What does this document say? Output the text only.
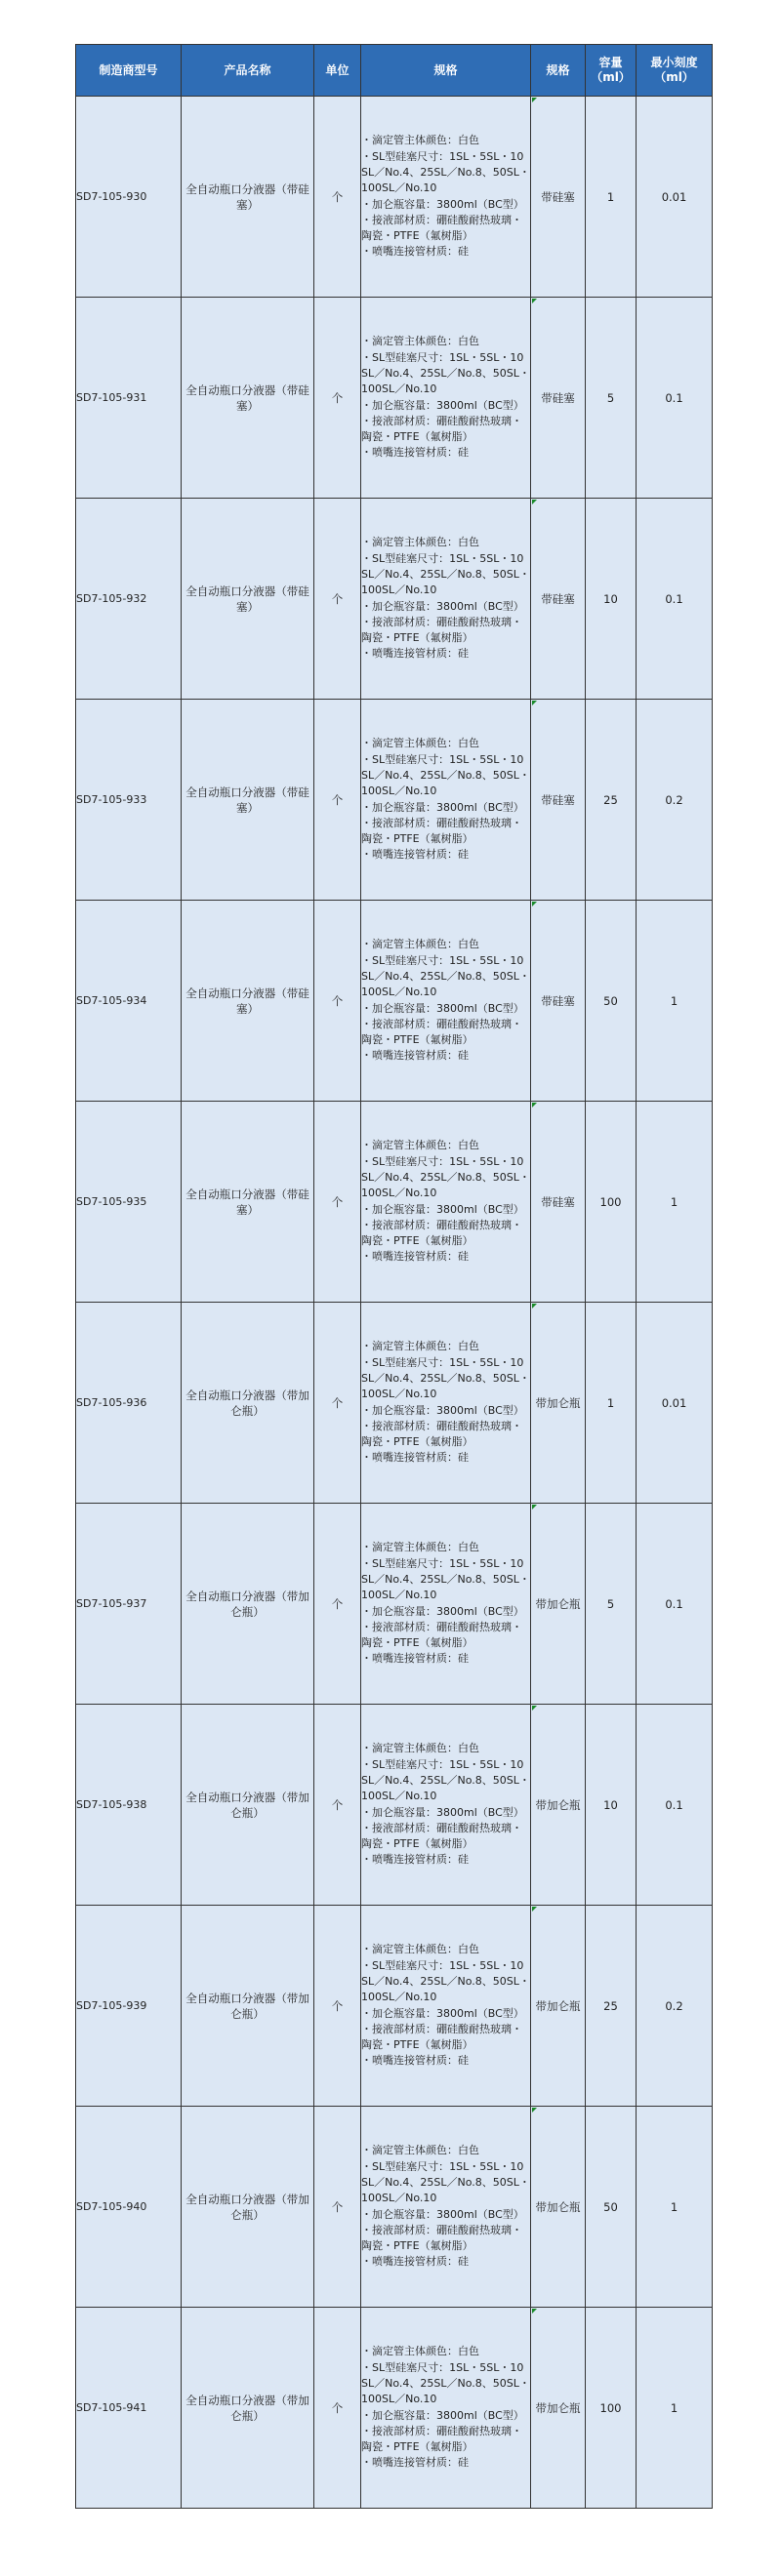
制造商型号	产品名称	单位	规格	规格	容量
（ml）	最小刻度
（ml）
SD7-105-930	全自动瓶口分液器（带硅塞）	个	・滴定管主体颜色：白色
・SL型硅塞尺寸：1SL・5SL・10SL／No.4、25SL／No.8、50SL・100SL／No.10
・加仑瓶容量：3800ml（BC型）
・接液部材质：硼硅酸耐热玻璃・陶瓷・PTFE（氟树脂）
・喷嘴连接管材质：硅	带硅塞	1	0.01
SD7-105-931	全自动瓶口分液器（带硅塞）	个	・滴定管主体颜色：白色
・SL型硅塞尺寸：1SL・5SL・10SL／No.4、25SL／No.8、50SL・100SL／No.10
・加仑瓶容量：3800ml（BC型）
・接液部材质：硼硅酸耐热玻璃・陶瓷・PTFE（氟树脂）
・喷嘴连接管材质：硅	带硅塞	5	0.1
SD7-105-932	全自动瓶口分液器（带硅塞）	个	・滴定管主体颜色：白色
・SL型硅塞尺寸：1SL・5SL・10SL／No.4、25SL／No.8、50SL・100SL／No.10
・加仑瓶容量：3800ml（BC型）
・接液部材质：硼硅酸耐热玻璃・陶瓷・PTFE（氟树脂）
・喷嘴连接管材质：硅	带硅塞	10	0.1
SD7-105-933	全自动瓶口分液器（带硅塞）	个	・滴定管主体颜色：白色
・SL型硅塞尺寸：1SL・5SL・10SL／No.4、25SL／No.8、50SL・100SL／No.10
・加仑瓶容量：3800ml（BC型）
・接液部材质：硼硅酸耐热玻璃・陶瓷・PTFE（氟树脂）
・喷嘴连接管材质：硅	带硅塞	25	0.2
SD7-105-934	全自动瓶口分液器（带硅塞）	个	・滴定管主体颜色：白色
・SL型硅塞尺寸：1SL・5SL・10SL／No.4、25SL／No.8、50SL・100SL／No.10
・加仑瓶容量：3800ml（BC型）
・接液部材质：硼硅酸耐热玻璃・陶瓷・PTFE（氟树脂）
・喷嘴连接管材质：硅	带硅塞	50	1
SD7-105-935	全自动瓶口分液器（带硅塞）	个	・滴定管主体颜色：白色
・SL型硅塞尺寸：1SL・5SL・10SL／No.4、25SL／No.8、50SL・100SL／No.10
・加仑瓶容量：3800ml（BC型）
・接液部材质：硼硅酸耐热玻璃・陶瓷・PTFE（氟树脂）
・喷嘴连接管材质：硅	带硅塞	100	1
SD7-105-936	全自动瓶口分液器（带加仑瓶）	个	・滴定管主体颜色：白色
・SL型硅塞尺寸：1SL・5SL・10SL／No.4、25SL／No.8、50SL・100SL／No.10
・加仑瓶容量：3800ml（BC型）
・接液部材质：硼硅酸耐热玻璃・陶瓷・PTFE（氟树脂）
・喷嘴连接管材质：硅	带加仑瓶	1	0.01
SD7-105-937	全自动瓶口分液器（带加仑瓶）	个	・滴定管主体颜色：白色
・SL型硅塞尺寸：1SL・5SL・10SL／No.4、25SL／No.8、50SL・100SL／No.10
・加仑瓶容量：3800ml（BC型）
・接液部材质：硼硅酸耐热玻璃・陶瓷・PTFE（氟树脂）
・喷嘴连接管材质：硅	带加仑瓶	5	0.1
SD7-105-938	全自动瓶口分液器（带加仑瓶）	个	・滴定管主体颜色：白色
・SL型硅塞尺寸：1SL・5SL・10SL／No.4、25SL／No.8、50SL・100SL／No.10
・加仑瓶容量：3800ml（BC型）
・接液部材质：硼硅酸耐热玻璃・陶瓷・PTFE（氟树脂）
・喷嘴连接管材质：硅	带加仑瓶	10	0.1
SD7-105-939	全自动瓶口分液器（带加仑瓶）	个	・滴定管主体颜色：白色
・SL型硅塞尺寸：1SL・5SL・10SL／No.4、25SL／No.8、50SL・100SL／No.10
・加仑瓶容量：3800ml（BC型）
・接液部材质：硼硅酸耐热玻璃・陶瓷・PTFE（氟树脂）
・喷嘴连接管材质：硅	带加仑瓶	25	0.2
SD7-105-940	全自动瓶口分液器（带加仑瓶）	个	・滴定管主体颜色：白色
・SL型硅塞尺寸：1SL・5SL・10SL／No.4、25SL／No.8、50SL・100SL／No.10
・加仑瓶容量：3800ml（BC型）
・接液部材质：硼硅酸耐热玻璃・陶瓷・PTFE（氟树脂）
・喷嘴连接管材质：硅	带加仑瓶	50	1
SD7-105-941	全自动瓶口分液器（带加仑瓶）	个	・滴定管主体颜色：白色
・SL型硅塞尺寸：1SL・5SL・10SL／No.4、25SL／No.8、50SL・100SL／No.10
・加仑瓶容量：3800ml（BC型）
・接液部材质：硼硅酸耐热玻璃・陶瓷・PTFE（氟树脂）
・喷嘴连接管材质：硅	带加仑瓶	100	1
